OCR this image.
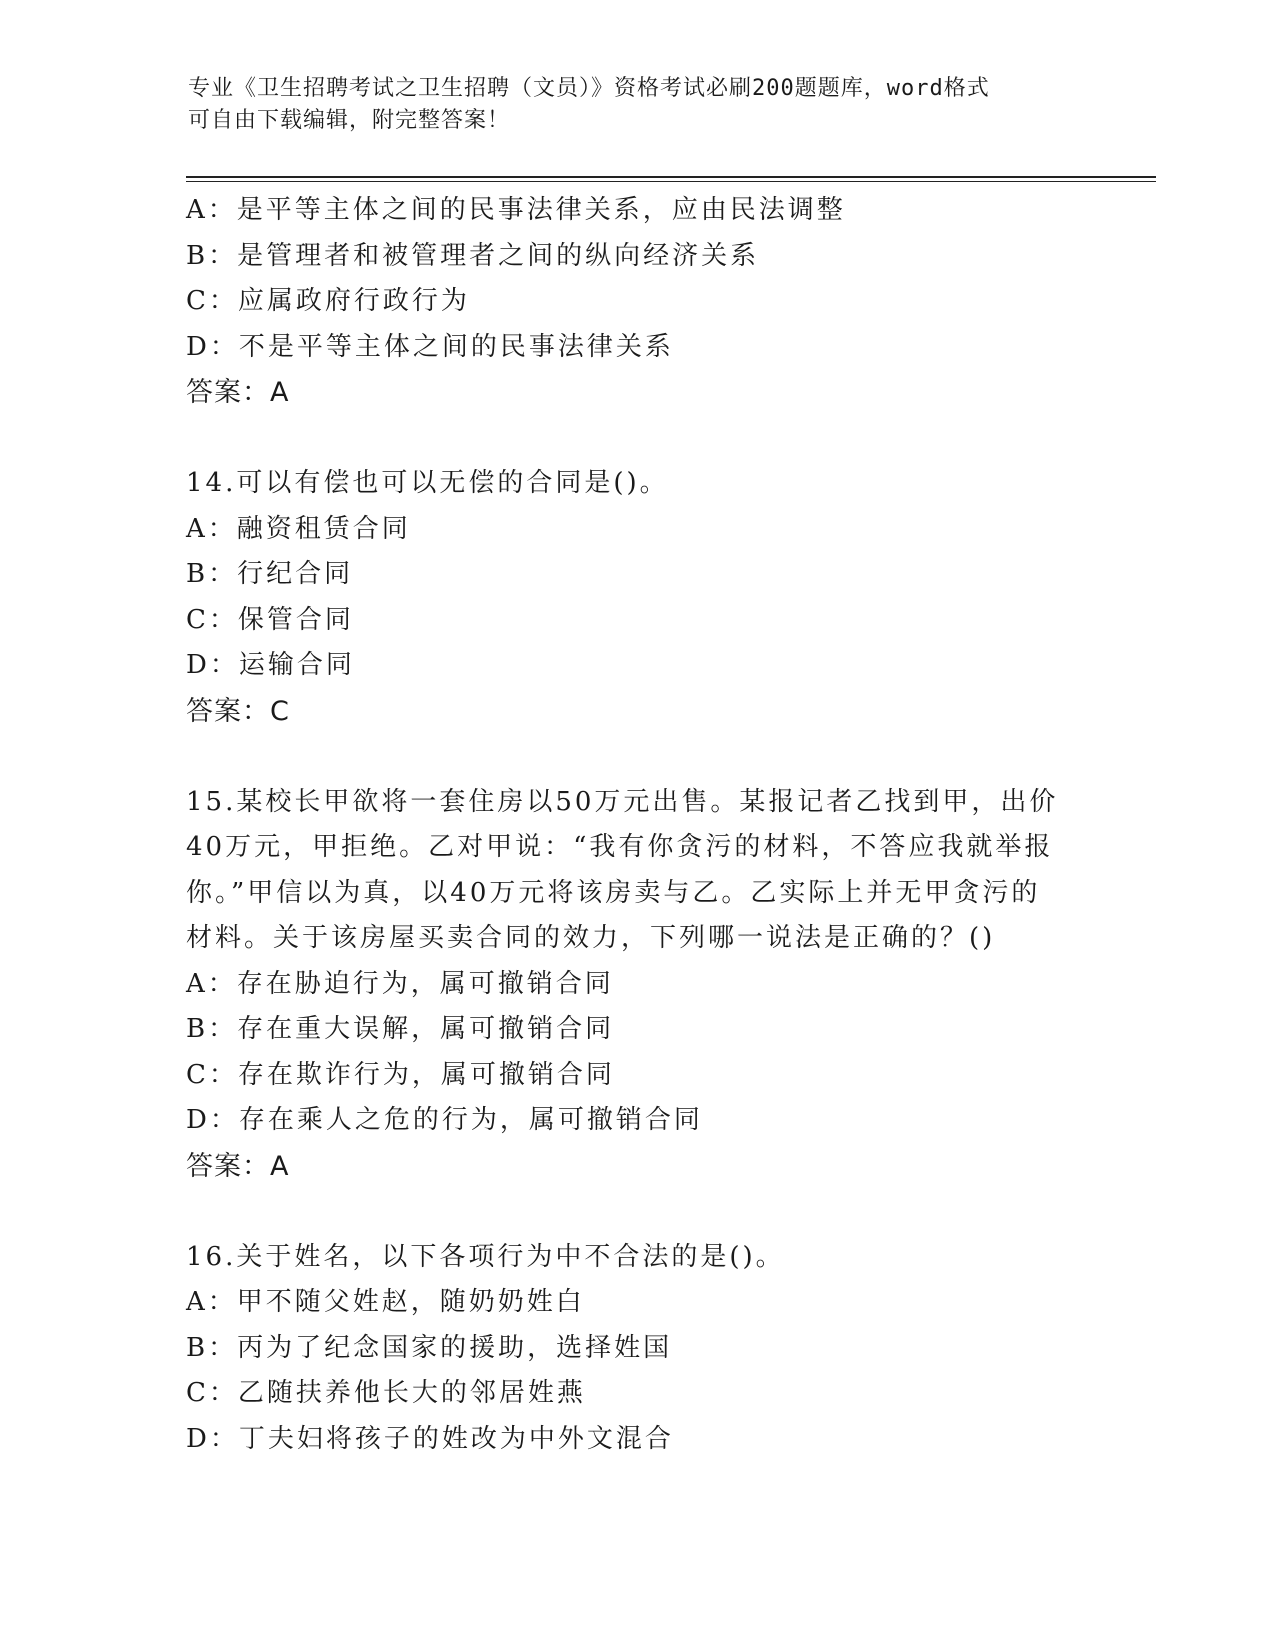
专业《卫生招聘考试之卫生招聘（文员）》资格考试必刷200题题库，word格式
可自由下载编辑，附完整答案！
A：是平等主体之间的民事法律关系，应由民法调整
B：是管理者和被管理者之间的纵向经济关系
C：应属政府行政行为
D：不是平等主体之间的民事法律关系
答案：A
14.可以有偿也可以无偿的合同是()。
A：融资租赁合同
B：行纪合同
C：保管合同
D：运输合同
答案：C
15.某校长甲欲将一套住房以50万元出售。某报记者乙找到甲，出价
40万元，甲拒绝。乙对甲说：“我有你贪污的材料，不答应我就举报
你。”甲信以为真，以40万元将该房卖与乙。乙实际上并无甲贪污的
材料。关于该房屋买卖合同的效力，下列哪一说法是正确的？()
A：存在胁迫行为，属可撤销合同
B：存在重大误解，属可撤销合同
C：存在欺诈行为，属可撤销合同
D：存在乘人之危的行为，属可撤销合同
答案：A
16.关于姓名，以下各项行为中不合法的是()。
A：甲不随父姓赵，随奶奶姓白
B：丙为了纪念国家的援助，选择姓国
C：乙随扶养他长大的邻居姓燕
D：丁夫妇将孩子的姓改为中外文混合
